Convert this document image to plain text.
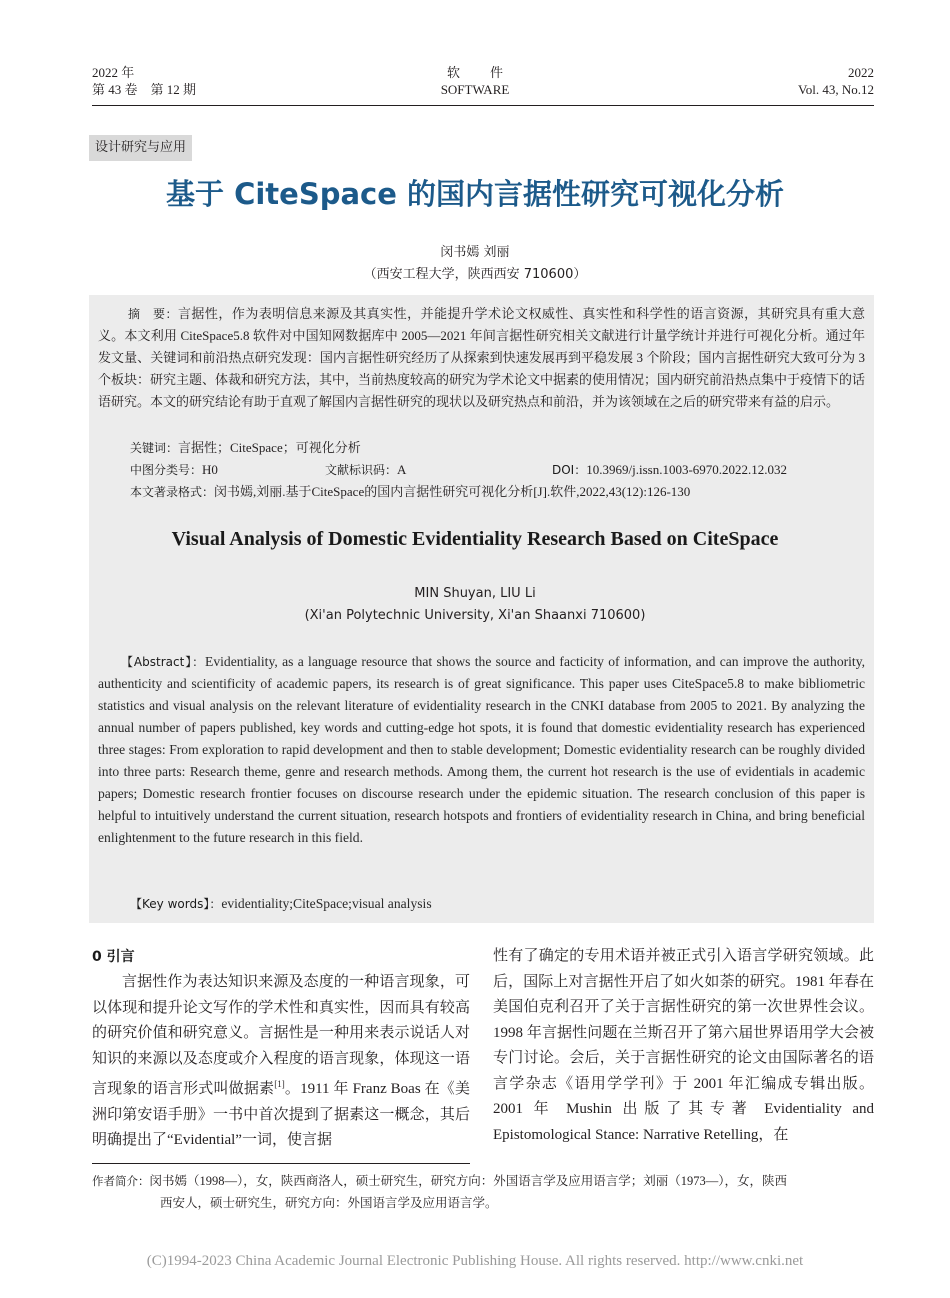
2022 年
第 43 卷　第 12 期
软件
SOFTWARE
2022
Vol. 43, No.12
设计研究与应用
基于 CiteSpace 的国内言据性研究可视化分析
闵书嫣 刘丽
（西安工程大学，陕西西安 710600）
摘　要：言据性，作为表明信息来源及其真实性，并能提升学术论文权威性、真实性和科学性的语言资源，其研究具有重大意义。本文利用 CiteSpace5.8 软件对中国知网数据库中 2005—2021 年间言据性研究相关文献进行计量学统计并进行可视化分析。通过年发文量、关键词和前沿热点研究发现：国内言据性研究经历了从探索到快速发展再到平稳发展 3 个阶段；国内言据性研究大致可分为 3 个板块：研究主题、体裁和研究方法，其中，当前热度较高的研究为学术论文中据素的使用情况；国内研究前沿热点集中于疫情下的话语研究。本文的研究结论有助于直观了解国内言据性研究的现状以及研究热点和前沿，并为该领域在之后的研究带来有益的启示。
关键词：言据性；CiteSpace；可视化分析
中图分类号：H0	文献标识码：A	DOI：10.3969/j.issn.1003-6970.2022.12.032
本文著录格式：闵书嫣,刘丽.基于CiteSpace的国内言据性研究可视化分析[J].软件,2022,43(12):126-130
Visual Analysis of Domestic Evidentiality Research Based on CiteSpace
MIN Shuyan, LIU Li
(Xi'an Polytechnic University, Xi'an Shaanxi 710600)
【Abstract】：Evidentiality, as a language resource that shows the source and facticity of information, and can improve the authority, authenticity and scientificity of academic papers, its research is of great significance. This paper uses CiteSpace5.8 to make bibliometric statistics and visual analysis on the relevant literature of evidentiality research in the CNKI database from 2005 to 2021. By analyzing the annual number of papers published, key words and cutting-edge hot spots, it is found that domestic evidentiality research has experienced three stages: From exploration to rapid development and then to stable development; Domestic evidentiality research can be roughly divided into three parts: Research theme, genre and research methods. Among them, the current hot research is the use of evidentials in academic papers; Domestic research frontier focuses on discourse research under the epidemic situation. The research conclusion of this paper is helpful to intuitively understand the current situation, research hotspots and frontiers of evidentiality research in China, and bring beneficial enlightenment to the future research in this field.
【Key words】：evidentiality;CiteSpace;visual analysis
0 引言

言据性作为表达知识来源及态度的一种语言现象，可以体现和提升论文写作的学术性和真实性，因而具有较高的研究价值和研究意义。言据性是一种用来表示说话人对知识的来源以及态度或介入程度的语言现象，体现这一语言现象的语言形式叫做据素[1]。1911 年 Franz Boas 在《美洲印第安语手册》一书中首次提到了据素这一概念，其后明确提出了“Evidential”一词，使言据

性有了确定的专用术语并被正式引入语言学研究领域。此后，国际上对言据性开启了如火如荼的研究。1981 年春在美国伯克利召开了关于言据性研究的第一次世界性会议。1998 年言据性问题在兰斯召开了第六届世界语用学大会被专门讨论。会后，关于言据性研究的论文由国际著名的语言学杂志《语用学学刊》于 2001 年汇编成专辑出版。2001 年 Mushin 出版了其专著 Evidentiality and Epistomological Stance: Narrative Retelling，在

作者简介：闵书嫣（1998—），女，陕西商洛人，硕士研究生，研究方向：外国语言学及应用语言学；刘丽（1973—），女，陕西
西安人，硕士研究生，研究方向：外国语言学及应用语言学。
(C)1994-2023 China Academic Journal Electronic Publishing House. All rights reserved. http://www.cnki.net
